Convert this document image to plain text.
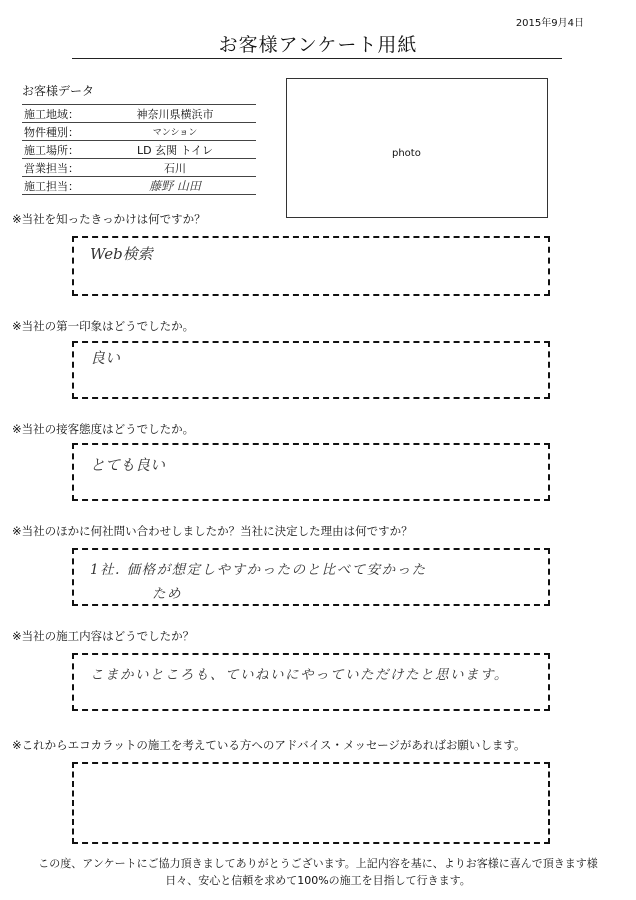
2015年9月4日
お客様アンケート用紙
お客様データ
施工地域：	神奈川県横浜市
物件種別：	マンション
施工場所：	LD 玄関 トイレ
営業担当：	石川
施工担当：	藤野 山田
photo
※当社を知ったきっかけは何ですか？
Web検索
※当社の第一印象はどうでしたか。
良い
※当社の接客態度はどうでしたか。
とても良い
※当社のほかに何社問い合わせしましたか？当社に決定した理由は何ですか？
1社. 価格が想定しやすかったのと比べて安かった
ため
※当社の施工内容はどうでしたか？
こまかいところも、ていねいにやっていただけたと思います。
※これからエコカラットの施工を考えている方へのアドバイス・メッセージがあればお願いします。
この度、アンケートにご協力頂きましてありがとうございます。上記内容を基に、よりお客様に喜んで頂きます様
日々、安心と信頼を求めて100%の施工を目指して行きます。
